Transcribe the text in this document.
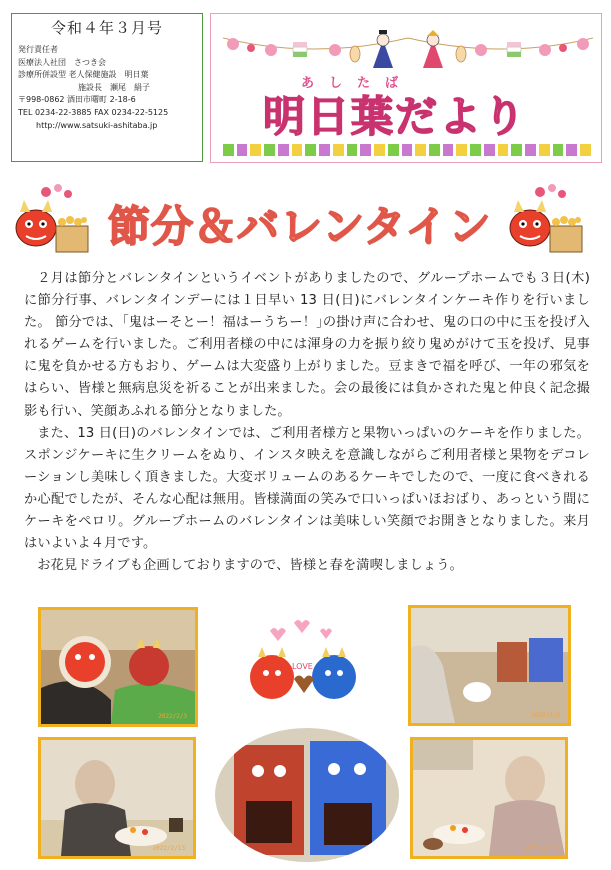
令和４年３月号
発行責任者
医療法人社団　さつき会
診療所併設型 老人保健施設　明日葉
施設長　瀬尾　絹子
〒998-0862 酒田市曙町 2-18-6
TEL 0234-22-3885 FAX 0234-22-5125
http://www.satsuki-ashitaba.jp
あしたば
明日葉だより
節分＆バレンタイン

２月は節分とバレンタインというイベントがありましたので、グループホームでも３日(木)に節分行事、バレンタインデーには１日早い 13 日(日)にバレンタインケーキ作りを行いました。 節分では、｢鬼はーそとー！福はーうちー！｣の掛け声に合わせ、鬼の口の中に玉を投げ入れるゲームを行いました。ご利用者様の中には渾身の力を振り絞り鬼めがけて玉を投げ、見事に鬼を負かせる方もおり、ゲームは大変盛り上がりました。豆まきで福を呼び、一年の邪気をはらい、皆様と無病息災を祈ることが出来ました。会の最後には負かされた鬼と仲良く記念撮影も行い、笑顔あふれる節分となりました。

また、13 日(日)のバレンタインでは、ご利用者様方と果物いっぱいのケーキを作りました。スポンジケーキに生クリームをぬり、インスタ映えを意識しながらご利用者様と果物をデコレーションし美味しく頂きました。大変ボリュームのあるケーキでしたので、一度に食べきれるか心配でしたが、そんな心配は無用。皆様満面の笑みで口いっぱいほおばり、あっという間にケーキをペロリ。グループホームのバレンタインは美味しい笑顔でお開きとなりました。来月はいよいよ４月です。

お花見ドライブも企画しておりますので、皆様と春を満喫しましょう。

2022/2/3
LOVE
2022/2/3
2022/2/13	2022/2/13
